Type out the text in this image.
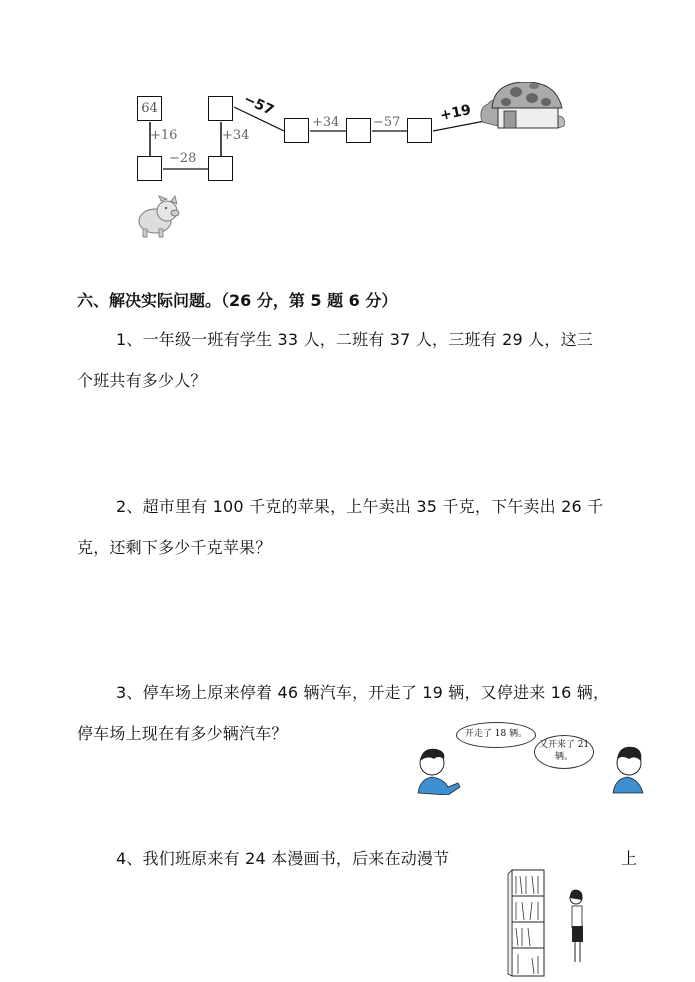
64
+16
−28
+34
−57
+34	−57	+19
六、解决实际问题。（26 分，第 5 题 6 分）
1、一年级一班有学生 33 人，二班有 37 人，三班有 29 人，这三
个班共有多少人？
2、超市里有 100 千克的苹果，上午卖出 35 千克，下午卖出 26 千
克，还剩下多少千克苹果？
3、停车场上原来停着 46 辆汽车，开走了 19 辆，又停进来 16 辆，
停车场上现在有多少辆汽车？	开走了 18 辆。
又开来了 21 辆。
4、我们班原来有 24 本漫画书，后来在动漫节	上
